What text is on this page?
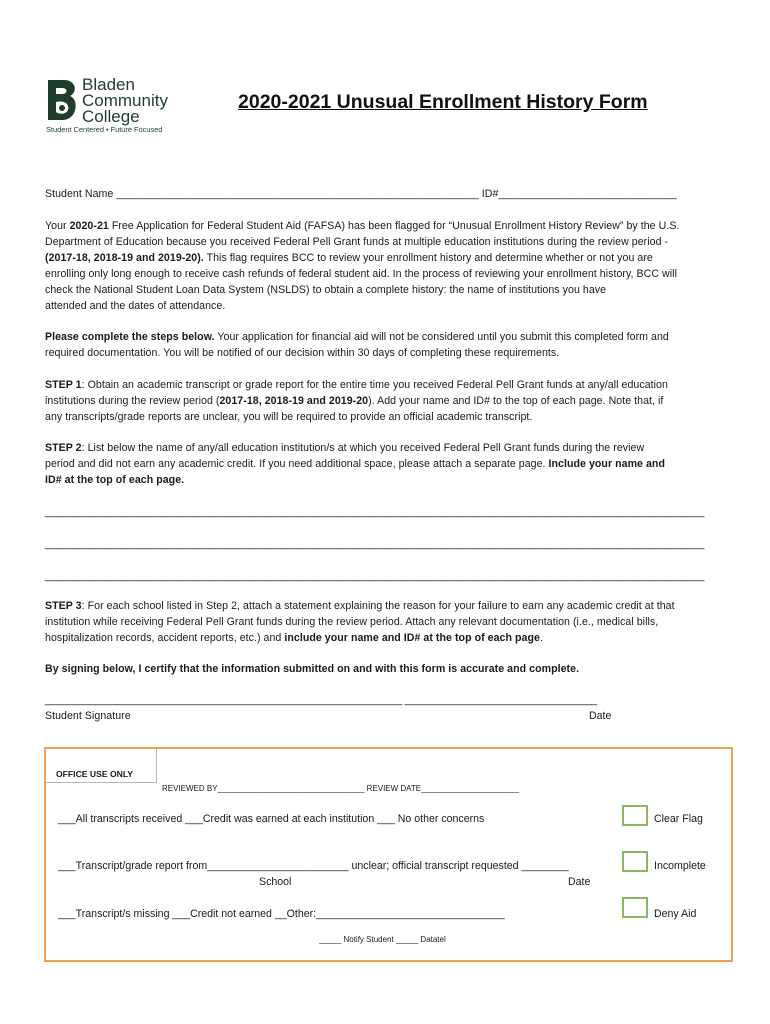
Bladen
Community
College
Student Centered • Future Focused
2020-2021 Unusual Enrollment History Form
Student Name _____________________________________________________________ ID#______________________________
Your 2020-21 Free Application for Federal Student Aid (FAFSA) has been flagged for “Unusual Enrollment History Review” by the U.S.
Department of Education because you received Federal Pell Grant funds at multiple education institutions during the review period -
(2017-18, 2018-19 and 2019-20). This flag requires BCC to review your enrollment history and determine whether or not you are
enrolling only long enough to receive cash refunds of federal student aid. In the process of reviewing your enrollment history, BCC will
check the National Student Loan Data System (NSLDS) to obtain a complete history: the name of institutions you have
attended and the dates of attendance.
Please complete the steps below. Your application for financial aid will not be considered until you submit this completed form and
required documentation. You will be notified of our decision within 30 days of completing these requirements.
STEP 1: Obtain an academic transcript or grade report for the entire time you received Federal Pell Grant funds at any/all education
institutions during the review period (2017-18, 2018-19 and 2019-20). Add your name and ID# to the top of each page. Note that, if
any transcripts/grade reports are unclear, you will be required to provide an official academic transcript.
STEP 2: List below the name of any/all education institution/s at which you received Federal Pell Grant funds during the review
period and did not earn any academic credit. If you need additional space, please attach a separate page. Include your name and
ID# at the top of each page.
________________________________________________________________________________________________________________________
________________________________________________________________________________________________________________________
________________________________________________________________________________________________________________________
STEP 3: For each school listed in Step 2, attach a statement explaining the reason for your failure to earn any academic credit at that
institution while receiving Federal Pell Grant funds during the review period. Attach any relevant documentation (i.e., medical bills,
hospitalization records, accident reports, etc.) and include your name and ID# at the top of each page.
By signing below, I certify that the information submitted on and with this form is accurate and complete.
_________________________________________________________________ ___________________________________
Student Signature	Date
OFFICE USE ONLY
REVIEWED BY_________________________________ REVIEW DATE______________________
___All transcripts received ___Credit was earned at each institution ___ No other concerns	Clear Flag
___Transcript/grade report from________________________ unclear; official transcript requested ________
School	Date
Incomplete
___Transcript/s missing ___Credit not earned __Other:________________________________	Deny Aid
_____ Notify Student _____ Datatel
